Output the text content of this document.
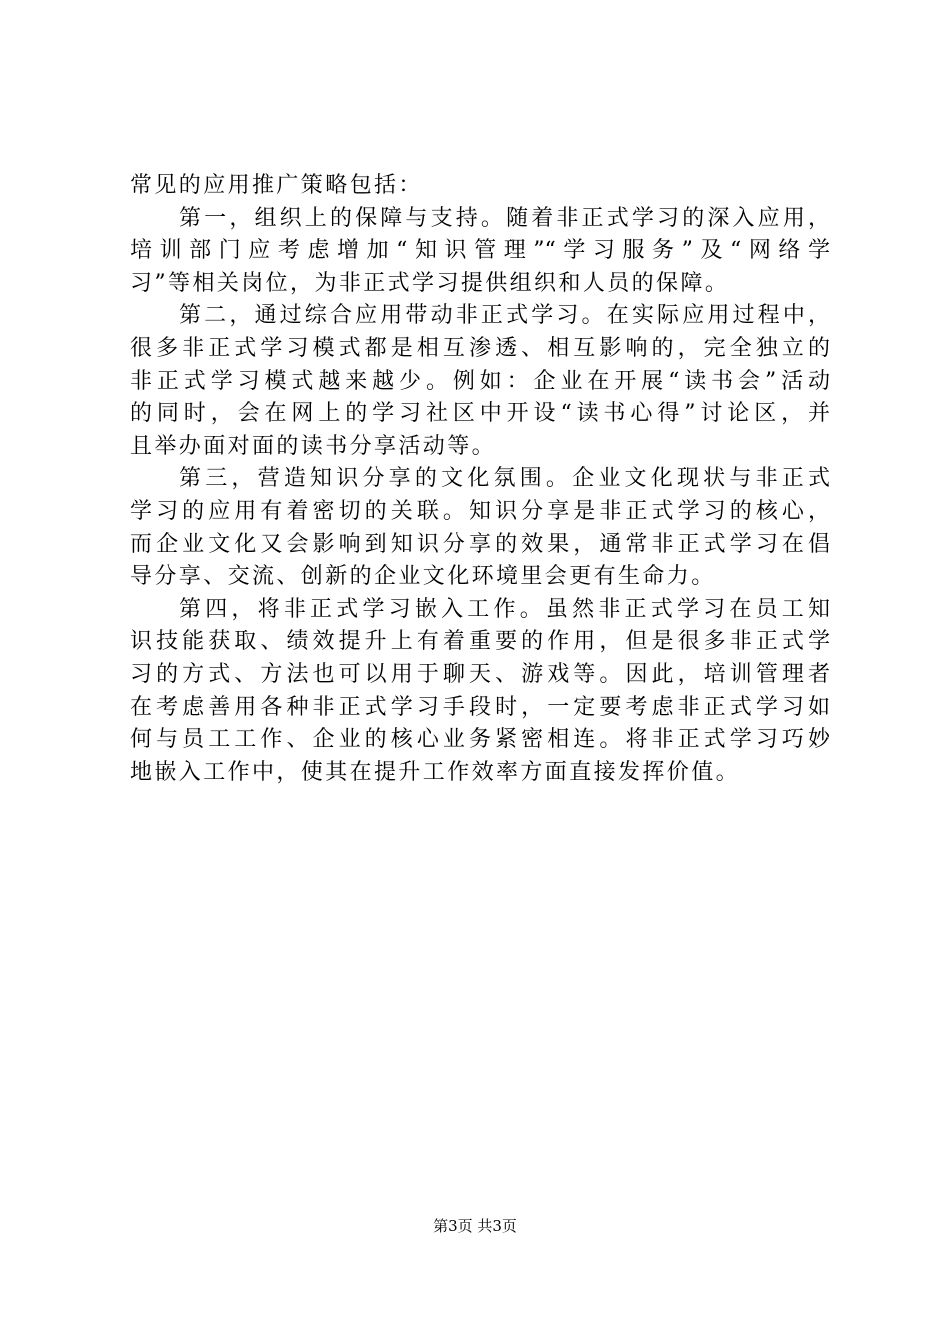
常见的应用推广策略包括：
第一，组织上的保障与支持。随着非正式学习的深入应用，
培训部门应考虑增加“知识管理”“学习服务”及“网络学
习”等相关岗位，为非正式学习提供组织和人员的保障。
第二，通过综合应用带动非正式学习。在实际应用过程中，
很多非正式学习模式都是相互渗透、相互影响的，完全独立的
非正式学习模式越来越少。例如：企业在开展“读书会”活动
的同时，会在网上的学习社区中开设“读书心得”讨论区，并
且举办面对面的读书分享活动等。
第三，营造知识分享的文化氛围。企业文化现状与非正式
学习的应用有着密切的关联。知识分享是非正式学习的核心，
而企业文化又会影响到知识分享的效果，通常非正式学习在倡
导分享、交流、创新的企业文化环境里会更有生命力。
第四，将非正式学习嵌入工作。虽然非正式学习在员工知
识技能获取、绩效提升上有着重要的作用，但是很多非正式学
习的方式、方法也可以用于聊天、游戏等。因此，培训管理者
在考虑善用各种非正式学习手段时，一定要考虑非正式学习如
何与员工工作、企业的核心业务紧密相连。将非正式学习巧妙
地嵌入工作中，使其在提升工作效率方面直接发挥价值。
第3页 共3页
